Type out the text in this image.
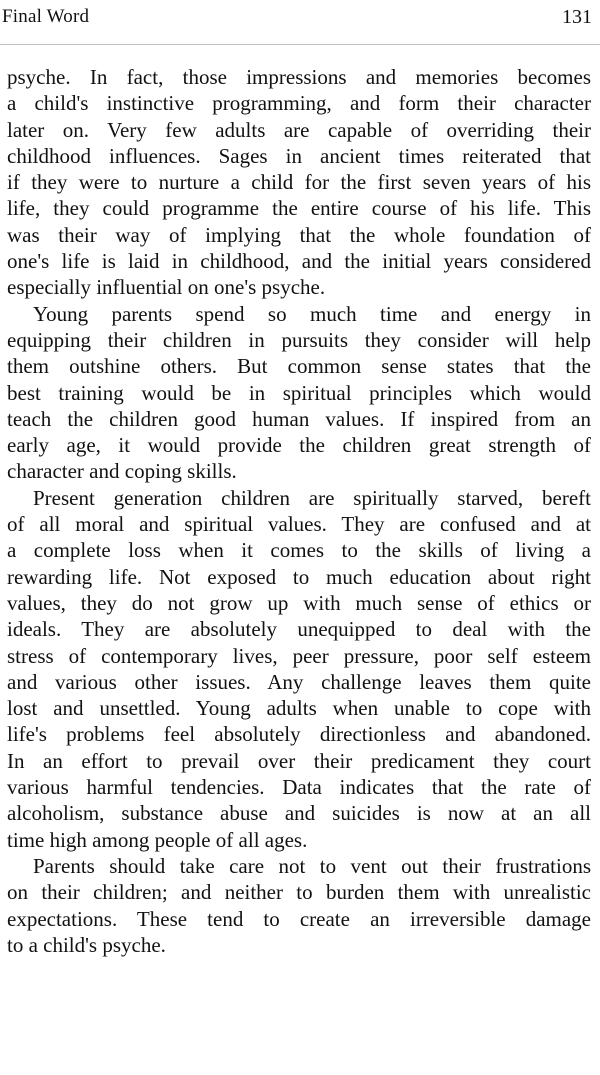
Final Word	131
psyche. In fact, those impressions and memories becomes
a child's instinctive programming, and form their character
later on. Very few adults are capable of overriding their
childhood influences. Sages in ancient times reiterated that
if they were to nurture a child for the first seven years of his
life, they could programme the entire course of his life. This
was their way of implying that the whole foundation of
one's life is laid in childhood, and the initial years considered
especially influential on one's psyche.
Young parents spend so much time and energy in
equipping their children in pursuits they consider will help
them outshine others. But common sense states that the
best training would be in spiritual principles which would
teach the children good human values. If inspired from an
early age, it would provide the children great strength of
character and coping skills.
Present generation children are spiritually starved, bereft
of all moral and spiritual values. They are confused and at
a complete loss when it comes to the skills of living a
rewarding life. Not exposed to much education about right
values, they do not grow up with much sense of ethics or
ideals. They are absolutely unequipped to deal with the
stress of contemporary lives, peer pressure, poor self esteem
and various other issues. Any challenge leaves them quite
lost and unsettled. Young adults when unable to cope with
life's problems feel absolutely directionless and abandoned.
In an effort to prevail over their predicament they court
various harmful tendencies. Data indicates that the rate of
alcoholism, substance abuse and suicides is now at an all
time high among people of all ages.
Parents should take care not to vent out their frustrations
on their children; and neither to burden them with unrealistic
expectations. These tend to create an irreversible damage
to a child's psyche.
